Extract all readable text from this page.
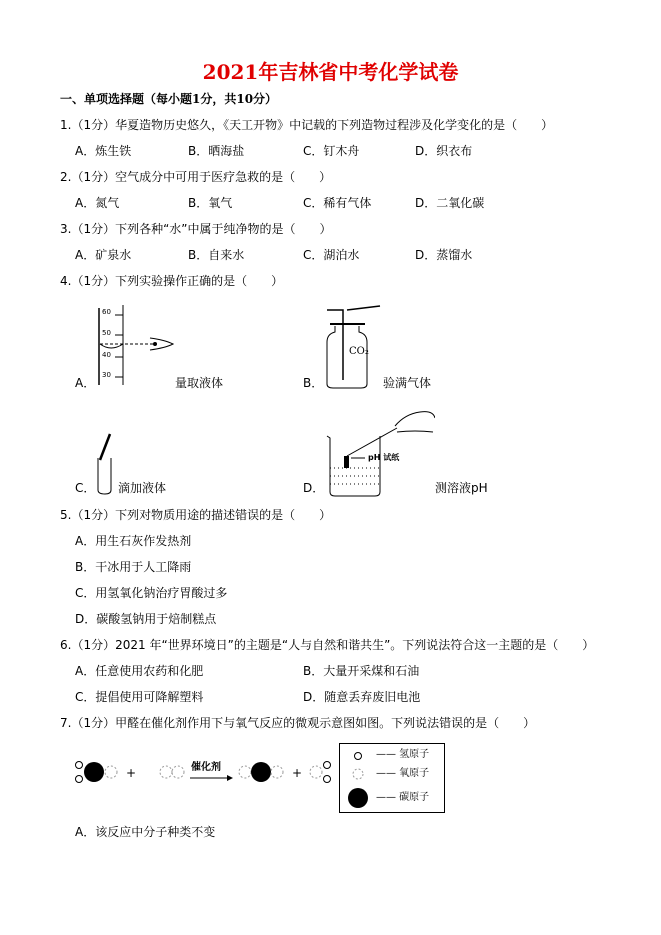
2021年吉林省中考化学试卷
一、单项选择题（每小题1分，共10分）
1.（1分）华夏造物历史悠久，《天工开物》中记载的下列造物过程涉及化学变化的是（　　）
A．炼生铁	B．晒海盐	C．钉木舟	D．织衣布
2.（1分）空气成分中可用于医疗急救的是（　　）
A．氮气	B．氧气	C．稀有气体	D．二氧化碳
3.（1分）下列各种“水”中属于纯净物的是（　　）
A．矿泉水	B．自来水	C．湖泊水	D．蒸馏水
4.（1分）下列实验操作正确的是（　　）
60
50
40
30
A．	量取液体
CO₂
B．	验满气体
C． 滴加液体
pH 试纸
D．	测溶液pH
5.（1分）下列对物质用途的描述错误的是（　　）
A．用生石灰作发热剂
B．干冰用于人工降雨
C．用氢氧化钠治疗胃酸过多
D．碳酸氢钠用于焙制糕点
6.（1分）2021 年“世界环境日”的主题是“人与自然和谐共生”。下列说法符合这一主题的是（　　）
A．任意使用农药和化肥	B．大量开采煤和石油
C．提倡使用可降解塑料	D．随意丢弃废旧电池
7.（1分）甲醛在催化剂作用下与氧气反应的微观示意图如图。下列说法错误的是（　　）
+	+
催化剂
—— 氢原子
—— 氧原子
—— 碳原子
A．该反应中分子种类不变
